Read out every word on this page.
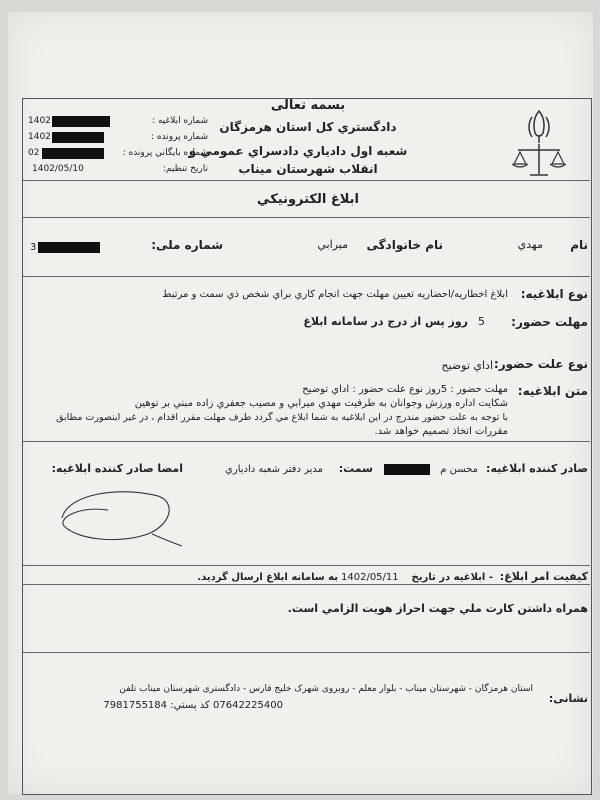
بسمه تعالی
دادگستري كل استان هرمزگان
شعبه اول دادياري دادسراي عمومي و
انقلاب شهرستان ميناب
ابلاغ الكترونيكي
شماره ابلاغيه :
1402
شماره پرونده :
1402
شماره بايگاني پرونده :
02
تاريخ تنظيم:
1402/05/10
نام
مهدي
نام خانوادگی
ميرابي
شماره ملی:
3
نوع ابلاغیه:
ابلاغ اخطاريه/احضاريه تعيين مهلت جهت انجام كاري براي شخص ذي سمت و مرتبط
مهلت حضور:
5
روز پس از درج در سامانه ابلاغ
نوع علت حضور:
اداي توضيح
متن ابلاغيه:
مهلت حضور : 5روز نوع علت حضور : اداي توضيح
شكايت اداره ورزش وجوانان به طرفيت مهدي ميرابي و مصيب جعفري زاده مبني بر توهين
با توجه به علت حضور مندرج در اين ابلاغيه به شما ابلاغ مي گردد طرف مهلت مقرر اقدام ، در غير اينصورت مطابق
مقررات اتخاذ تصميم خواهد شد.
صادر كننده ابلاغيه:
محسن م
سمت:
مدير دفتر شعبه دادياري
امضا صادر كننده ابلاغيه:
كيفيت امر ابلاغ:
- ابلاغيه در تاريخ
1402/05/11
به سامانه ابلاغ ارسال گرديد.
همراه داشتن كارت ملي جهت احراز هويت الزامي است.
نشانی:
استان هرمزگان - شهرستان ميناب - بلوار معلم - روبروی شهرک خلیج فارس - دادگستري شهرستان ميناب تلفن
07642225400 كد پستي: 7981755184
